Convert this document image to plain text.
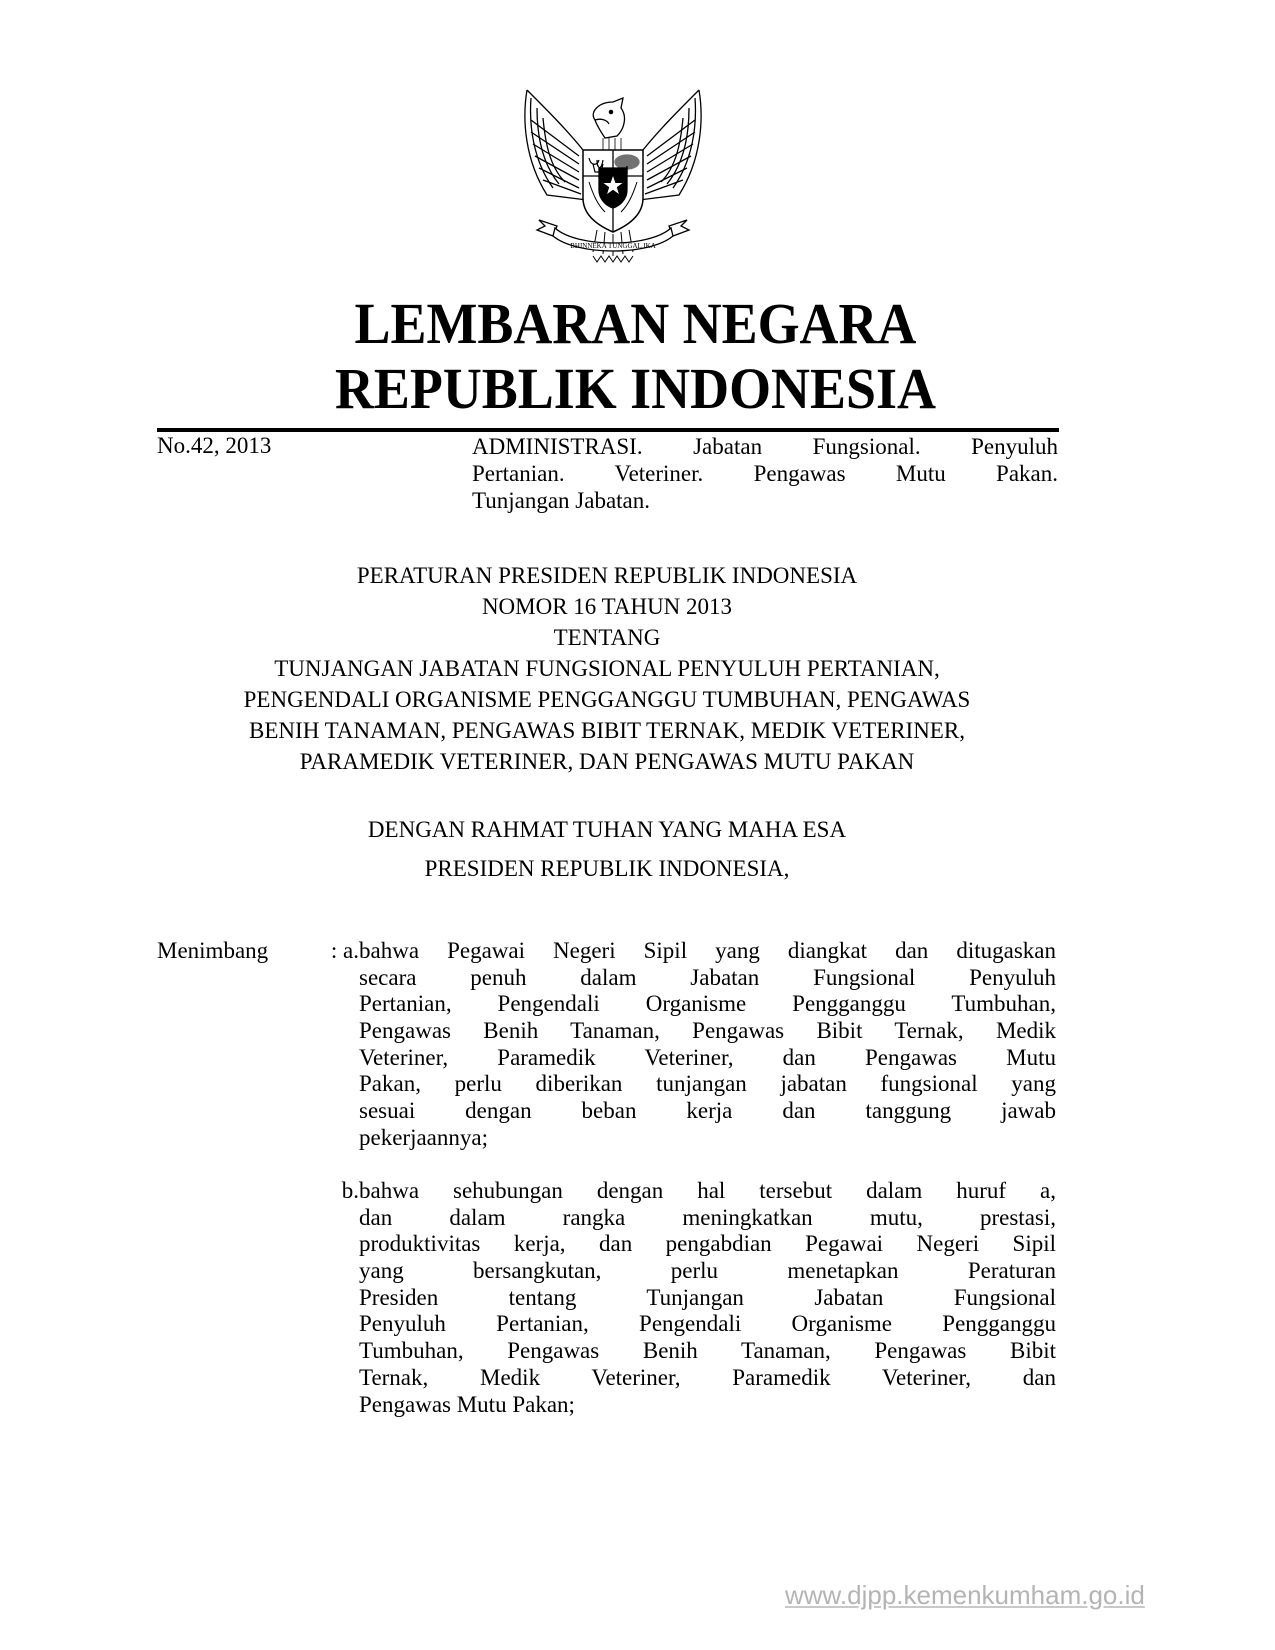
BHINNEKA TUNGGAL IKA
LEMBARAN NEGARA
REPUBLIK INDONESIA
No.42, 2013	ADMINISTRASI. Jabatan Fungsional. Penyuluh
Pertanian. Veteriner. Pengawas Mutu Pakan.
Tunjangan Jabatan.
PERATURAN PRESIDEN REPUBLIK INDONESIA
NOMOR 16 TAHUN 2013
TENTANG
TUNJANGAN JABATAN FUNGSIONAL PENYULUH PERTANIAN,
PENGENDALI ORGANISME PENGGANGGU TUMBUHAN, PENGAWAS
BENIH TANAMAN, PENGAWAS BIBIT TERNAK, MEDIK VETERINER,
PARAMEDIK VETERINER, DAN PENGAWAS MUTU PAKAN
DENGAN RAHMAT TUHAN YANG MAHA ESA
PRESIDEN REPUBLIK INDONESIA,
Menimbang	: a. bahwa Pegawai Negeri Sipil yang diangkat dan ditugaskan
secara penuh dalam Jabatan Fungsional Penyuluh
Pertanian, Pengendali Organisme Pengganggu Tumbuhan,
Pengawas Benih Tanaman, Pengawas Bibit Ternak, Medik
Veteriner, Paramedik Veteriner, dan Pengawas Mutu
Pakan, perlu diberikan tunjangan jabatan fungsional yang
sesuai dengan beban kerja dan tanggung jawab
pekerjaannya;
b. bahwa sehubungan dengan hal tersebut dalam huruf a,
dan dalam rangka meningkatkan mutu, prestasi,
produktivitas kerja, dan pengabdian Pegawai Negeri Sipil
yang bersangkutan, perlu menetapkan Peraturan
Presiden tentang Tunjangan Jabatan Fungsional
Penyuluh Pertanian, Pengendali Organisme Pengganggu
Tumbuhan, Pengawas Benih Tanaman, Pengawas Bibit
Ternak, Medik Veteriner, Paramedik Veteriner, dan
Pengawas Mutu Pakan;
www.djpp.kemenkumham.go.id
